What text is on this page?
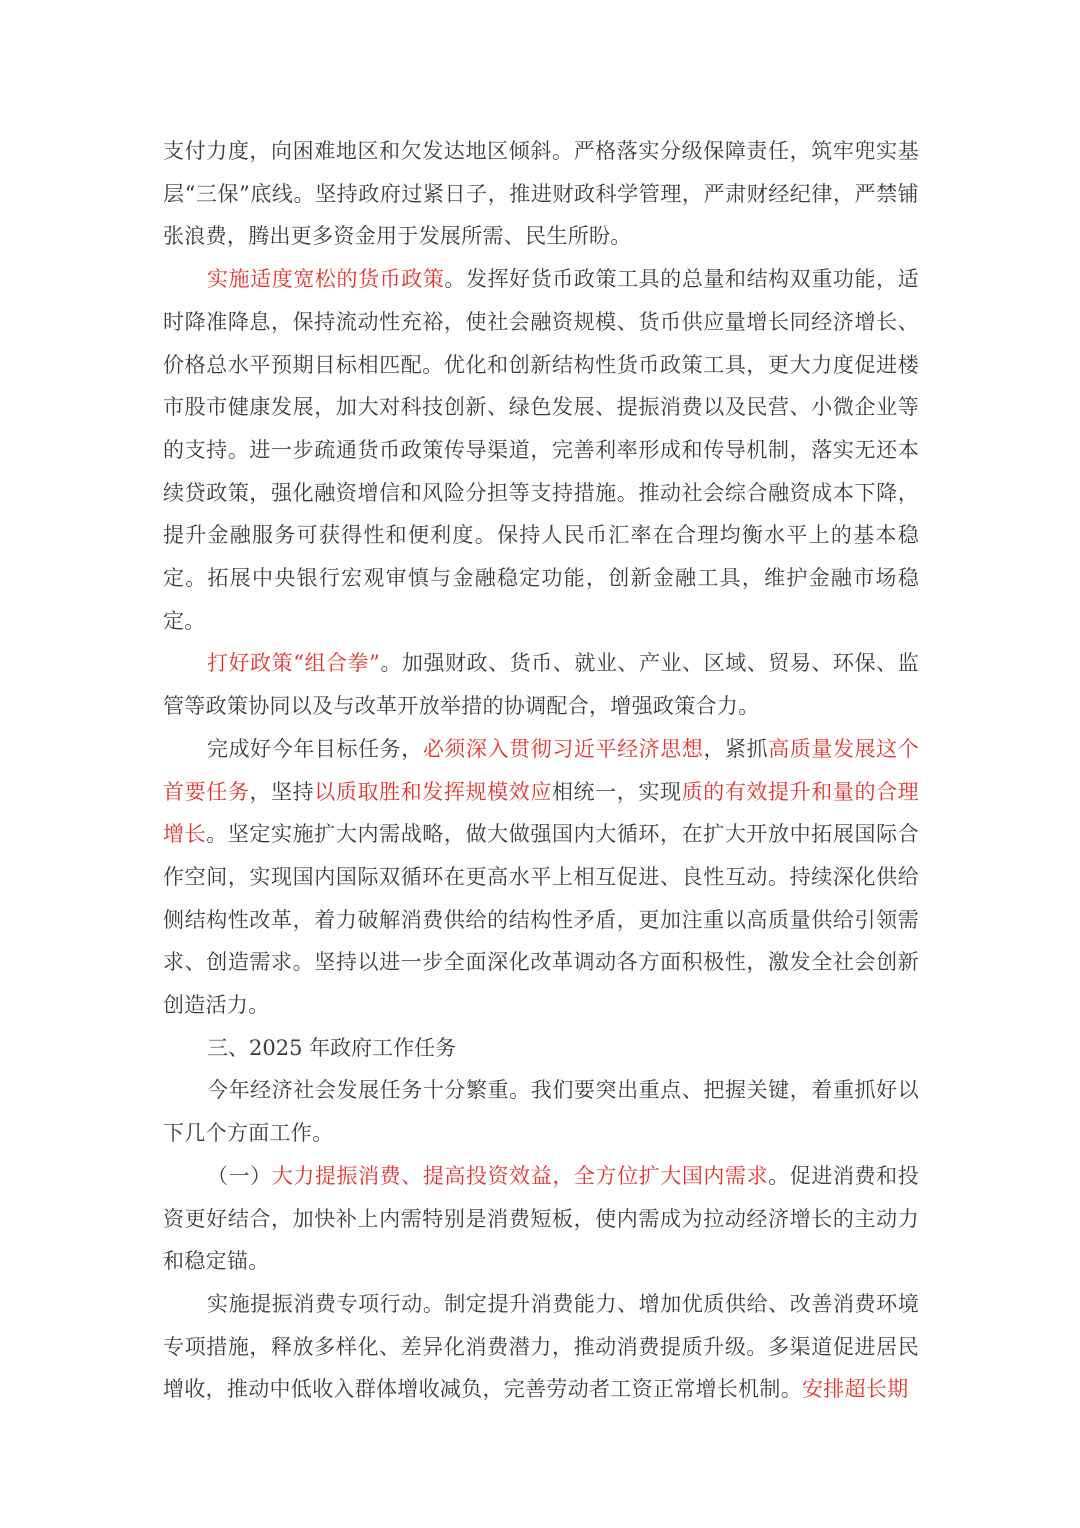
支付力度，向困难地区和欠发达地区倾斜。严格落实分级保障责任，筑牢兜实基层“三保”底线。坚持政府过紧日子，推进财政科学管理，严肃财经纪律，严禁铺张浪费，腾出更多资金用于发展所需、民生所盼。

实施适度宽松的货币政策。发挥好货币政策工具的总量和结构双重功能，适时降准降息，保持流动性充裕，使社会融资规模、货币供应量增长同经济增长、价格总水平预期目标相匹配。优化和创新结构性货币政策工具，更大力度促进楼市股市健康发展，加大对科技创新、绿色发展、提振消费以及民营、小微企业等的支持。进一步疏通货币政策传导渠道，完善利率形成和传导机制，落实无还本续贷政策，强化融资增信和风险分担等支持措施。推动社会综合融资成本下降，提升金融服务可获得性和便利度。保持人民币汇率在合理均衡水平上的基本稳定。拓展中央银行宏观审慎与金融稳定功能，创新金融工具，维护金融市场稳定。

打好政策“组合拳”。加强财政、货币、就业、产业、区域、贸易、环保、监管等政策协同以及与改革开放举措的协调配合，增强政策合力。

完成好今年目标任务，必须深入贯彻习近平经济思想，紧抓高质量发展这个首要任务，坚持以质取胜和发挥规模效应相统一，实现质的有效提升和量的合理增长。坚定实施扩大内需战略，做大做强国内大循环，在扩大开放中拓展国际合作空间，实现国内国际双循环在更高水平上相互促进、良性互动。持续深化供给侧结构性改革，着力破解消费供给的结构性矛盾，更加注重以高质量供给引领需求、创造需求。坚持以进一步全面深化改革调动各方面积极性，激发全社会创新创造活力。

三、2025 年政府工作任务

今年经济社会发展任务十分繁重。我们要突出重点、把握关键，着重抓好以下几个方面工作。

（一）大力提振消费、提高投资效益，全方位扩大国内需求。促进消费和投资更好结合，加快补上内需特别是消费短板，使内需成为拉动经济增长的主动力和稳定锚。

实施提振消费专项行动。制定提升消费能力、增加优质供给、改善消费环境专项措施，释放多样化、差异化消费潜力，推动消费提质升级。多渠道促进居民增收，推动中低收入群体增收减负，完善劳动者工资正常增长机制。安排超长期
